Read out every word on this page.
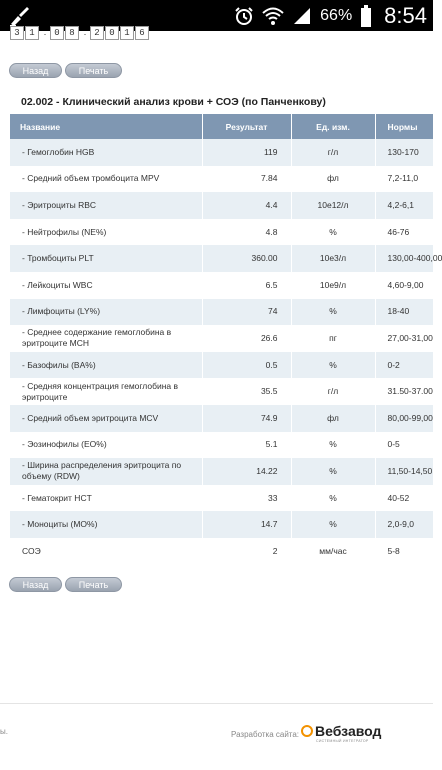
66% 8:54
3	1	. 0	8	. 2	0	1	6
Назад	Печать
02.002 - Клинический анализ крови + СОЭ (по Панченкову)
Название	Результат	Ед. изм.	Нормы
- Гемоглобин HGB	119	г/л	130-170
- Средний объем тромбоцита MPV	7.84	фл	7,2-11,0
- Эритроциты RBC	4.4	10е12/л	4,2-6,1
- Нейтрофилы (NE%)	4.8	%	46-76
- Тромбоциты PLT	360.00	10е3/л	130,00-400,00
- Лейкоциты WBC	6.5	10е9/л	4,60-9,00
- Лимфоциты (LY%)	74	%	18-40
- Среднее содержание гемоглобина в эритроците MCH	26.6	пг	27,00-31,00
- Базофилы (BA%)	0.5	%	0-2
- Средняя концентрация гемоглобина в эритроците	35.5	г/л	31.50-37.00
- Средний объем эритроцита MCV	74.9	фл	80,00-99,00
- Эозинофилы (EO%)	5.1	%	0-5
- Ширина распределения эритроцита по объему (RDW)	14.22	%	11,50-14,50
- Гематокрит HCT	33	%	40-52
- Моноциты (MO%)	14.7	%	2,0-9,0
СОЭ	2	мм/час	5-8
Назад	Печать
ы.	Разработка сайта: Вебзавод
СИСТЕМНЫЙ ИНТЕГРАТОР
